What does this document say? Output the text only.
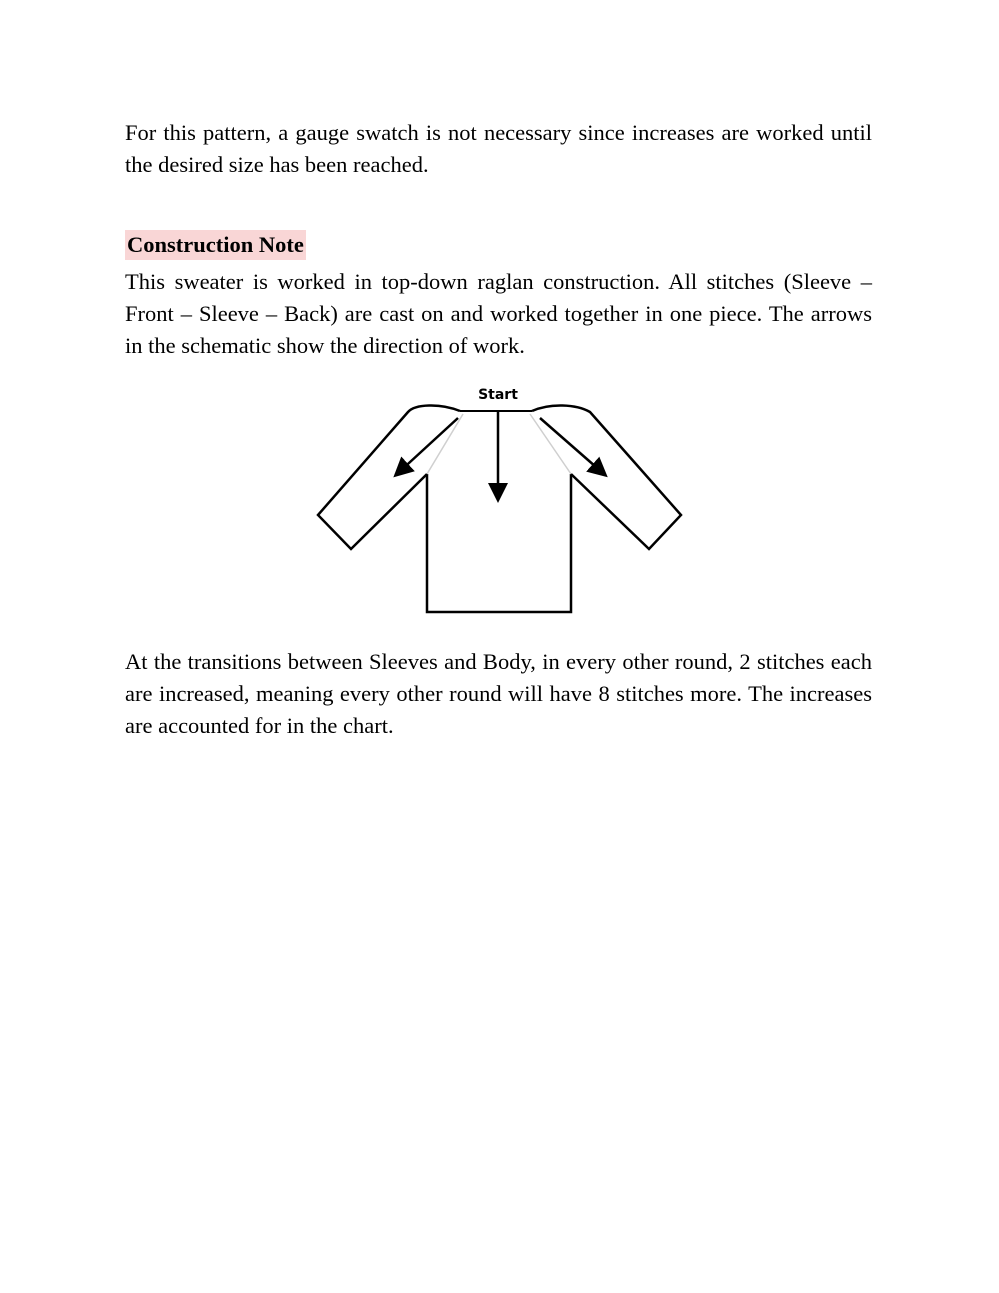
For this pattern, a gauge swatch is not necessary since increases are worked until the desired size has been reached.

Construction Note

This sweater is worked in top-down raglan construction. All stitches (Sleeve – Front – Sleeve – Back) are cast on and worked together in one piece. The arrows in the schematic show the direction of work.

Start

At the transitions between Sleeves and Body, in every other round, 2 stitches each are increased, meaning every other round will have 8 stitches more. The increases are accounted for in the chart.
